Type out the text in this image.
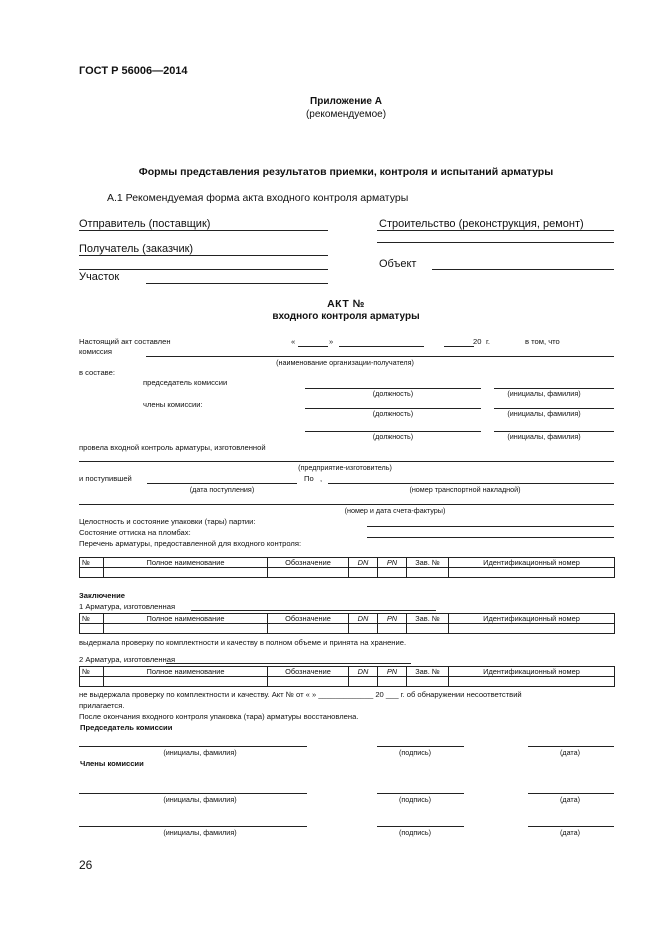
ГОСТ Р 56006—2014
Приложение А
(рекомендуемое)
Формы представления результатов приемки, контроля и испытаний арматуры
А.1 Рекомендуемая форма акта входного контроля арматуры
Отправитель (поставщик)	Строительство (реконструкция, ремонт)
Получатель (заказчик)
Объект
Участок
АКТ №
входного контроля арматуры
Настоящий акт составлен	«	»	20 г.	в том, что
комиссия
(наименование организации-получателя)
в составе:
председатель комиссии
(должность)	(инициалы, фамилия)
члены комиссии:
(должность)	(инициалы, фамилия)
(должность)	(инициалы, фамилия)
провела входной контроль арматуры, изготовленной
(предприятие-изготовитель)
и поступившей	По ,
(дата поступления)	(номер транспортной накладной)
(номер и дата счета-фактуры)
Целостность и состояние упаковки (тары) партии:
Состояние оттиска на пломбах:
Перечень арматуры, предоставленной для входного контроля:
№	Полное наименование	Обозначение	DN	PN	Зав. №	Идентификационный номер

Заключение
1 Арматура, изготовленная
№	Полное наименование	Обозначение	DN	PN	Зав. №	Идентификационный номер

выдержала проверку по комплектности и качеству в полном объеме и принята на хранение.
2 Арматура, изготовленная
№	Полное наименование	Обозначение	DN	PN	Зав. №	Идентификационный номер

не выдержала проверку по комплектности и качеству. Акт № от « » _____________ 20 ___ г. об обнаружении несоответствий
прилагается.
После окончания входного контроля упаковка (тара) арматуры восстановлена.
Председатель комиссии
(инициалы, фамилия)	(подпись)	(дата)
Члены комиссии
(инициалы, фамилия)	(подпись)	(дата)
(инициалы, фамилия)	(подпись)	(дата)
26
